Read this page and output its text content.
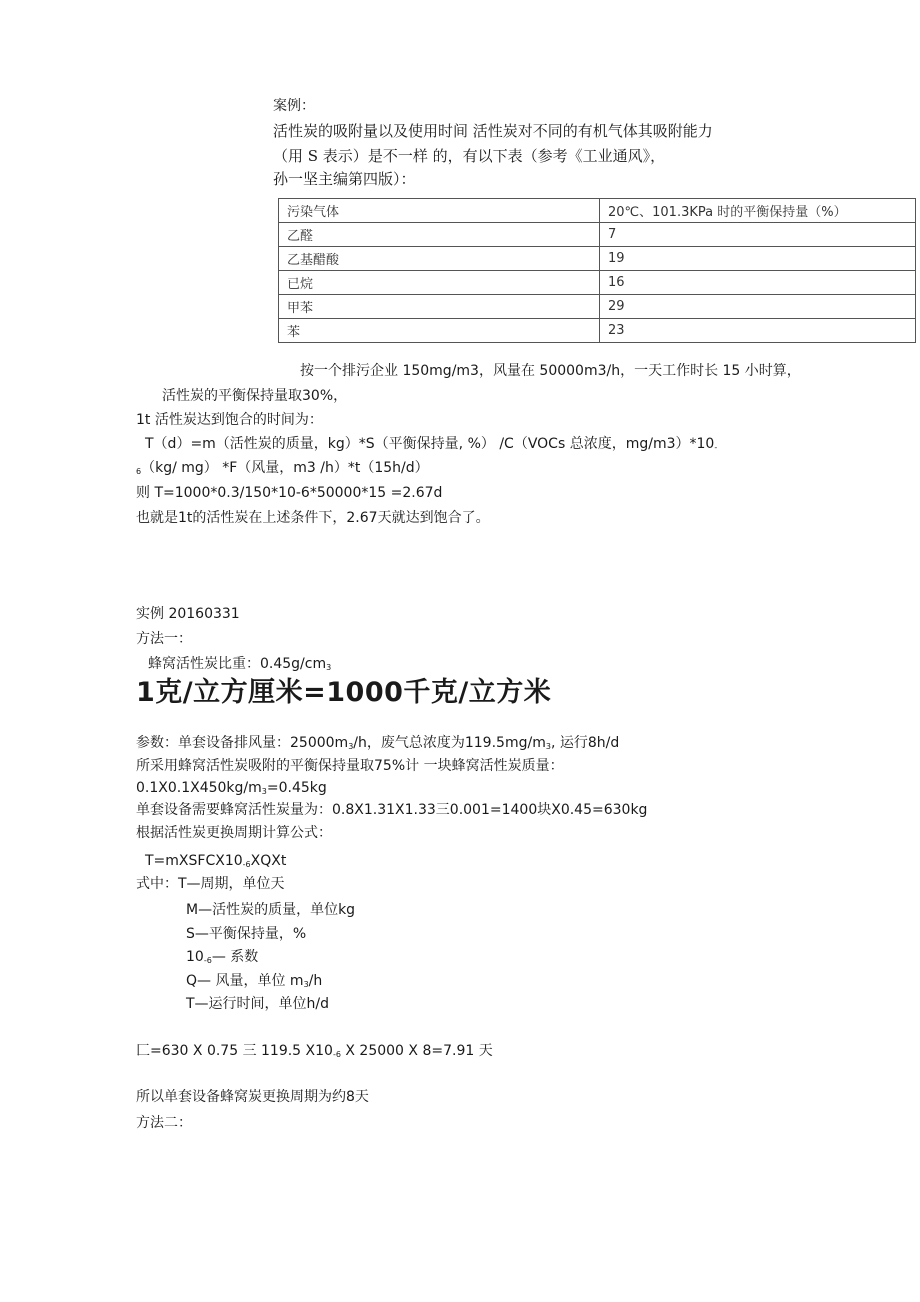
案例：
活性炭的吸附量以及使用时间 活性炭对不同的有机气体其吸附能力
（用 S 表示）是不一样 的，有以下表（参考《工业通风》，
孙一坚主编第四版）：
污染气体	20℃、101.3KPa 时的平衡保持量（%）
乙醛	7
乙基醋酸	19
已烷	16
甲苯	29
苯	23
按一个排污企业 150mg/m3，风量在 50000m3/h，一天工作时长 15 小时算，
活性炭的平衡保持量取30%，
1t 活性炭达到饱合的时间为：
T（d）=m（活性炭的质量，kg）*S（平衡保持量, %） /C（VOCs 总浓度，$mg/m3)*10_-$
$_6$（kg/ mg） *F（风量，m3 /h）*t（15h/d）
则 T=1000*0.3/150*10-6*50000*15 =2.67d
也就是1t的活性炭在上述条件下，2.67天就达到饱合了。
实例 20160331
方法一：
蜂窝活性炭比重：$0.45g/cm_3$
1克/立方厘米=1000千克/立方米
参数：单套设备排风量：$25000m_3/h$，废气总浓度为$119.5mg/m_3$, 运行8h/d
所采用蜂窝活性炭吸附的平衡保持量取75%计 一块蜂窝活性炭质量：
$0.1X0.1X450kg/m_3=0.45kg$
单套设备需要蜂窝活性炭量为：0.8X1.31X1.33三0.001=1400块X0.45=630kg
根据活性炭更换周期计算公式：
$T=mXSFCX10_{-6}XQXt$
式中：T—周期，单位天
M—活性炭的质量，单位kg
S—平衡保持量，%
$10_{-6}—$ 系数
Q— 风量，单位 $m_3/h$
T—运行时间，单位h/d
匚=630 X 0.75 三 119.5 $X10_{-6}$ X 25000 X 8=7.91 天
所以单套设备蜂窝炭更换周期为约8天
方法二：
